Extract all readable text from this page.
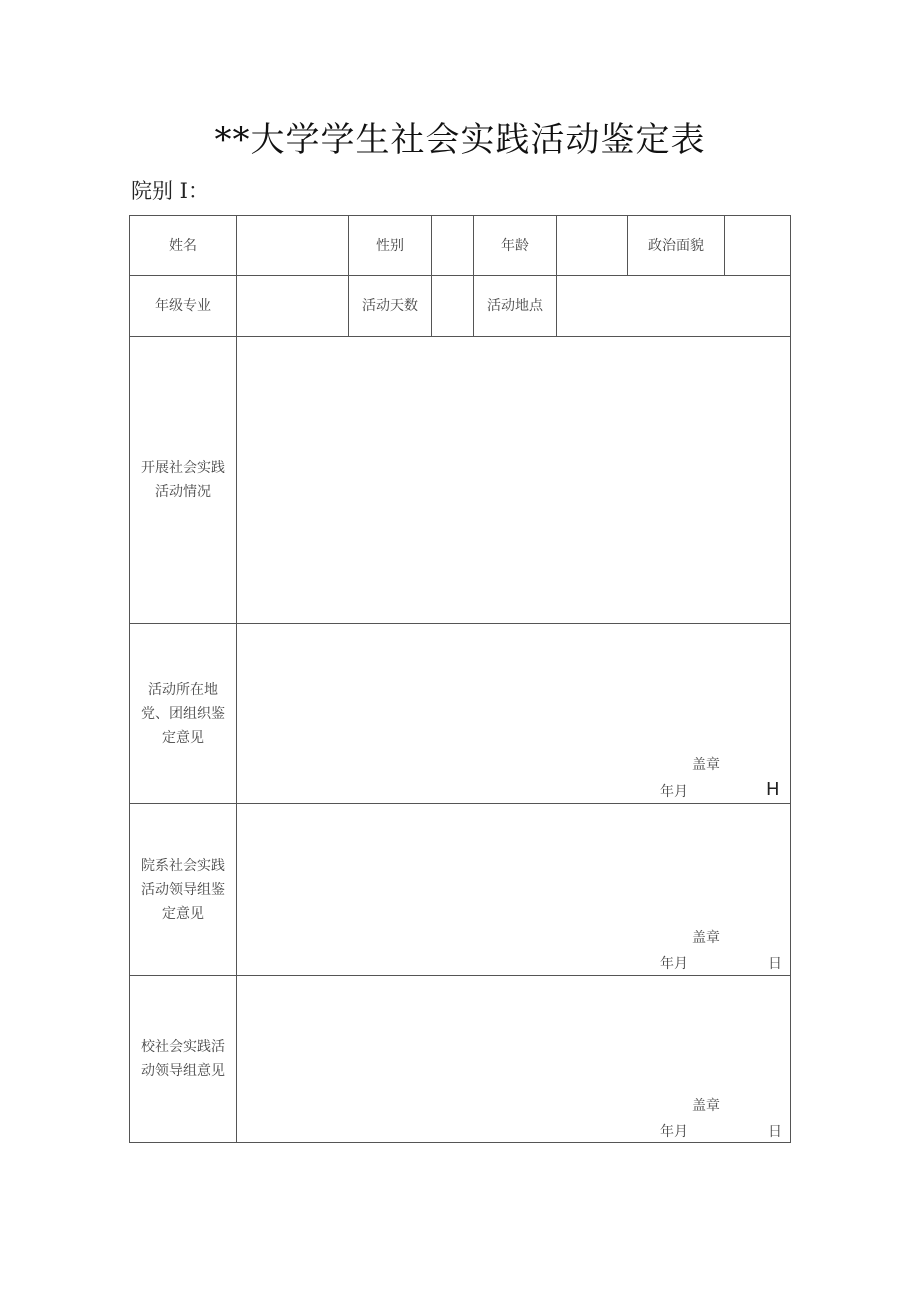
**大学学生社会实践活动鉴定表
院别 I：
姓名	性别	年龄	政治面貌
年级专业	活动天数	活动地点
开展社会实践活动情况
活动所在地党、团组织鉴定意见
盖章
年月	H
院系社会实践活动领导组鉴定意见
盖章
年月	日
校社会实践活动领导组意见
盖章
年月	日
